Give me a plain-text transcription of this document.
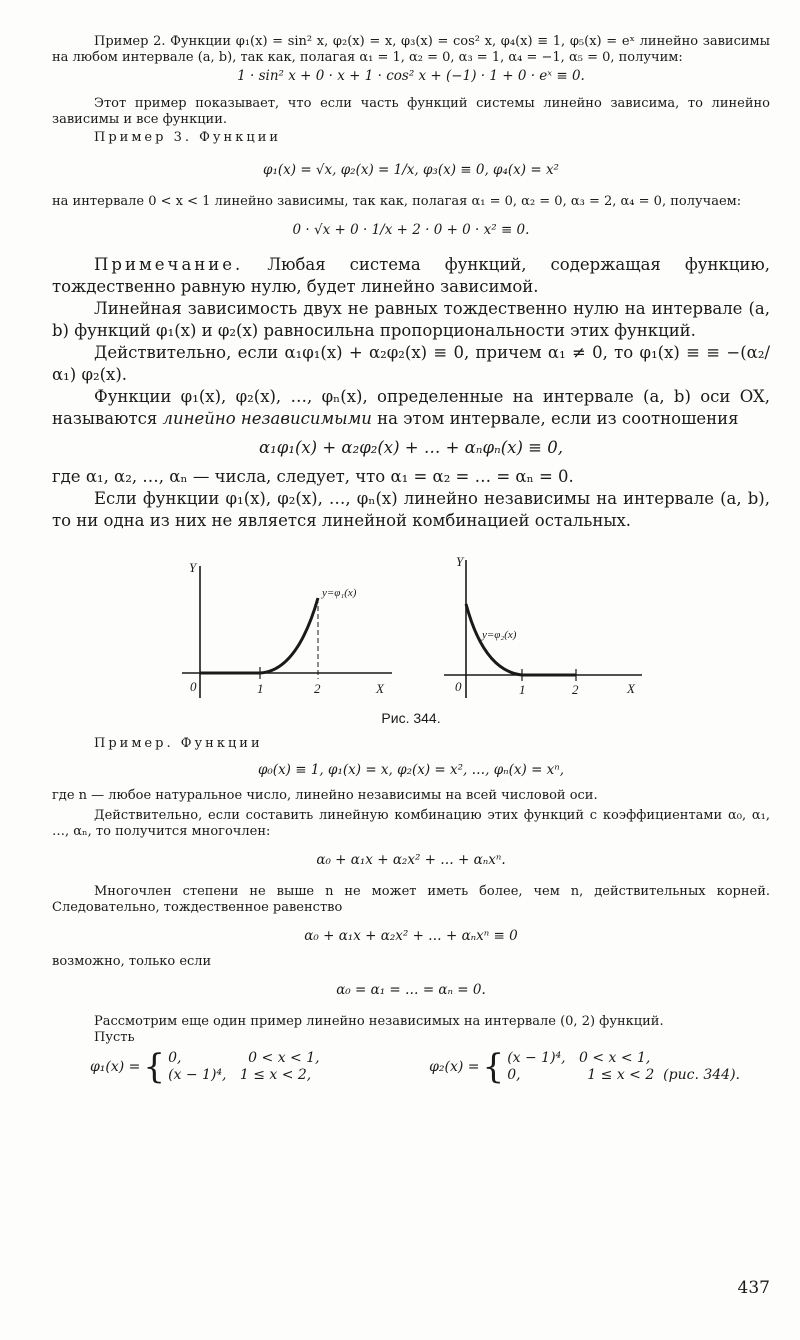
Пример 2. Функции φ₁(x) = sin² x, φ₂(x) = x, φ₃(x) = cos² x, φ₄(x) ≡ 1, φ₅(x) = eˣ линейно зависимы на любом интервале (a, b), так как, полагая α₁ = 1, α₂ = 0, α₃ = 1, α₄ = −1, α₅ = 0, получим:

1 · sin² x + 0 · x + 1 · cos² x + (−1) · 1 + 0 · eˣ ≡ 0.

Этот пример показывает, что если часть функций системы линейно зависима, то линейно зависимы и все функции.

Пример 3. Функции

φ₁(x) = √x, φ₂(x) = 1/x, φ₃(x) ≡ 0, φ₄(x) = x²

на интервале 0 < x < 1 линейно зависимы, так как, полагая α₁ = 0, α₂ = 0, α₃ = 2, α₄ = 0, получаем:

0 · √x + 0 · 1/x + 2 · 0 + 0 · x² ≡ 0.

Примечание. Любая система функций, содержащая функцию, тождественно равную нулю, будет линейно зависимой.

Линейная зависимость двух не равных тождественно нулю на интервале (a, b) функций φ₁(x) и φ₂(x) равносильна пропорциональности этих функций.

Действительно, если α₁φ₁(x) + α₂φ₂(x) ≡ 0, причем α₁ ≠ 0, то φ₁(x) ≡ ≡ −(α₂/α₁) φ₂(x).

Функции φ₁(x), φ₂(x), …, φₙ(x), определенные на интервале (a, b) оси OX, называются линейно независимыми на этом интервале, если из соотношения

α₁φ₁(x) + α₂φ₂(x) + … + αₙφₙ(x) ≡ 0,

где α₁, α₂, …, αₙ — числа, следует, что α₁ = α₂ = … = αₙ = 0.

Если функции φ₁(x), φ₂(x), …, φₙ(x) линейно независимы на интервале (a, b), то ни одна из них не является линейной комбинацией остальных.

Y
X
0	1	2
y=φ₁(x)
Y
X
0	1	2
y=φ₂(x)

Рис. 344.

Пример. Функции

φ₀(x) ≡ 1, φ₁(x) = x, φ₂(x) = x², …, φₙ(x) = xⁿ,

где n — любое натуральное число, линейно независимы на всей числовой оси.

Действительно, если составить линейную комбинацию этих функций с коэффициентами α₀, α₁, …, αₙ, то получится многочлен:

α₀ + α₁x + α₂x² + … + αₙxⁿ.

Многочлен степени не выше n не может иметь более, чем n, действительных корней. Следовательно, тождественное равенство

α₀ + α₁x + α₂x² + … + αₙxⁿ ≡ 0

возможно, только если

α₀ = α₁ = … = αₙ = 0.

Рассмотрим еще один пример линейно независимых на интервале (0, 2) функций.

Пусть

φ₁(x) = { 0,               0 < x < 1,
(x − 1)⁴,   1 ≤ x < 2,	φ₂(x) = { (x − 1)⁴,   0 < x < 1,
0,               1 ≤ x < 2  (рис. 344).
437
